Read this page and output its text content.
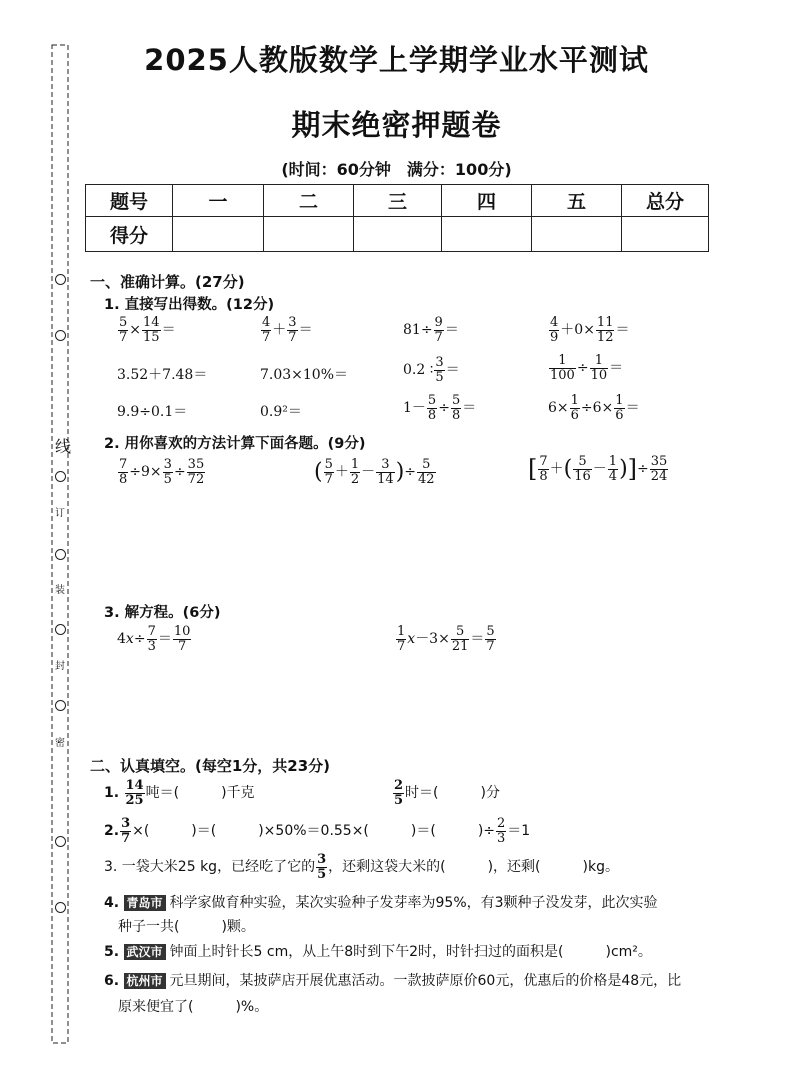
线
订
装
封
密
2025人教版数学上学期学业水平测试
期末绝密押题卷
(时间：60分钟　满分：100分)
题号	一	二	三	四	五	总分
得分						
一、准确计算。(27分)
1. 直接写出得数。(12分)
$\frac{5}{7} \times \frac{14}{15}$ ＝	$\frac{4}{7} + \frac{3}{7}$ ＝	$81\div \frac{9}{7}$ ＝	$\frac{4}{9} +0\times \frac{11}{12}$ ＝
3.52＋7.48＝	7.03×10%＝	0.2 ∶ $\frac{3}{5}$ ＝	$\frac{1}{100} \div \frac{1}{10}$ ＝
9.9÷0.1＝	0.9²＝	$1- \frac{5}{8} \div \frac{5}{8}$ ＝	$6\times \frac{1}{6} \div 6\times \frac{1}{6}$ ＝
2. 用你喜欢的方法计算下面各题。(9分)
$\frac{7}{8} \div 9\times \frac{3}{5} \div \frac{35}{72}$	( $\frac{5}{7} + \frac{1}{2} - \frac{3}{14}$ )÷ $\frac{5}{42}$	[ $\frac{7}{8}$ ＋( $\frac{5}{16} - \frac{1}{4}$ )]÷ $\frac{35}{24}$
3. 解方程。(6分)
$4x\div \frac{7}{3} = \frac{10}{7}$	$\frac{1}{7} x-3\times \frac{5}{21} = \frac{5}{7}$
二、认真填空。(每空1分，共23分)
1. $\frac{14}{25}$ 吨＝(　　　)千克	$\frac{2}{5}$ 时＝(　　　)分
2. $\frac{3}{7}$ ×(　　　)＝(　　　)×50%＝0.55×(　　　)＝(　　　)÷ $\frac{2}{3} =1$
3. 一袋大米25 kg，已经吃了它的 $\frac{3}{5}$ ，还剩这袋大米的(　　　)，还剩(　　　)kg。
4. 青岛市 科学家做育种实验，某次实验种子发芽率为95%，有3颗种子没发芽，此次实验
种子一共(　　　)颗。
5. 武汉市 钟面上时针长5 cm，从上午8时到下午2时，时针扫过的面积是(　　　)cm²。
6. 杭州市 元旦期间，某披萨店开展优惠活动。一款披萨原价60元，优惠后的价格是48元，比
原来便宜了(　　　)%。
